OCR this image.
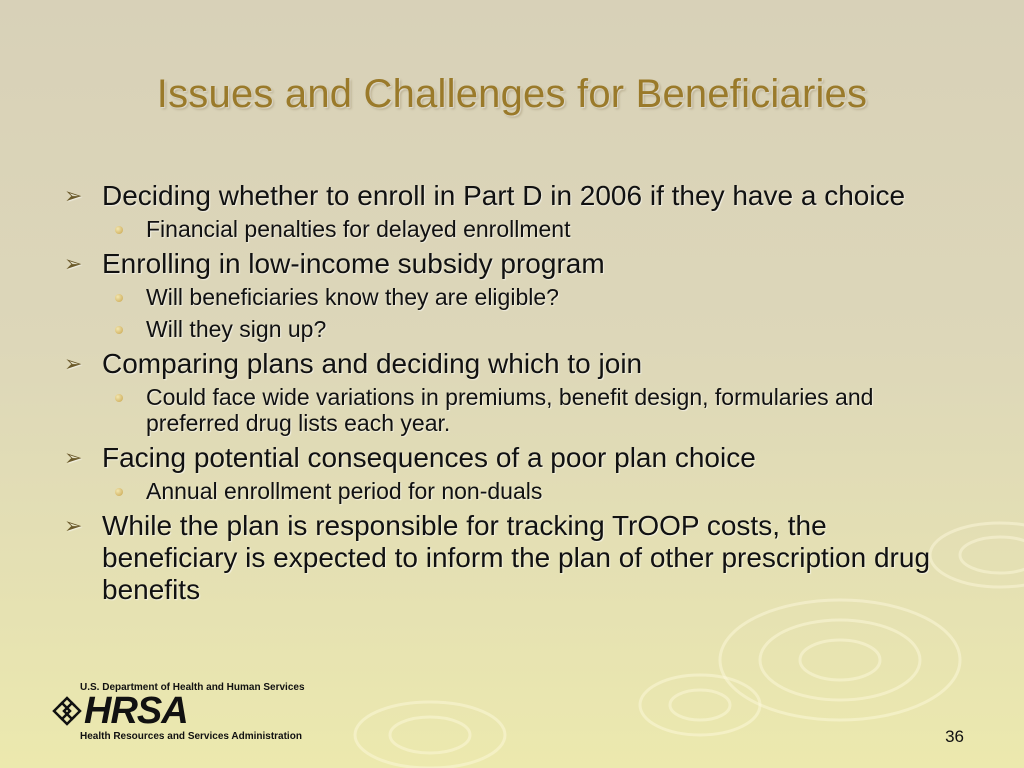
Issues and Challenges for Beneficiaries
➢ Deciding whether to enroll in Part D in 2006 if they have a choice
Financial penalties for delayed enrollment
➢ Enrolling in low-income subsidy program
Will beneficiaries know they are eligible?
Will they sign up?
➢ Comparing plans and deciding which to join
Could face wide variations in premiums, benefit design, formularies and preferred drug lists each year.
➢ Facing potential consequences of a poor plan choice
Annual enrollment period for non-duals
➢ While the plan is responsible for tracking TrOOP costs, the beneficiary is expected to inform the plan of other prescription drug benefits
U.S. Department of Health and Human Services
HRSA
Health Resources and Services Administration	36
